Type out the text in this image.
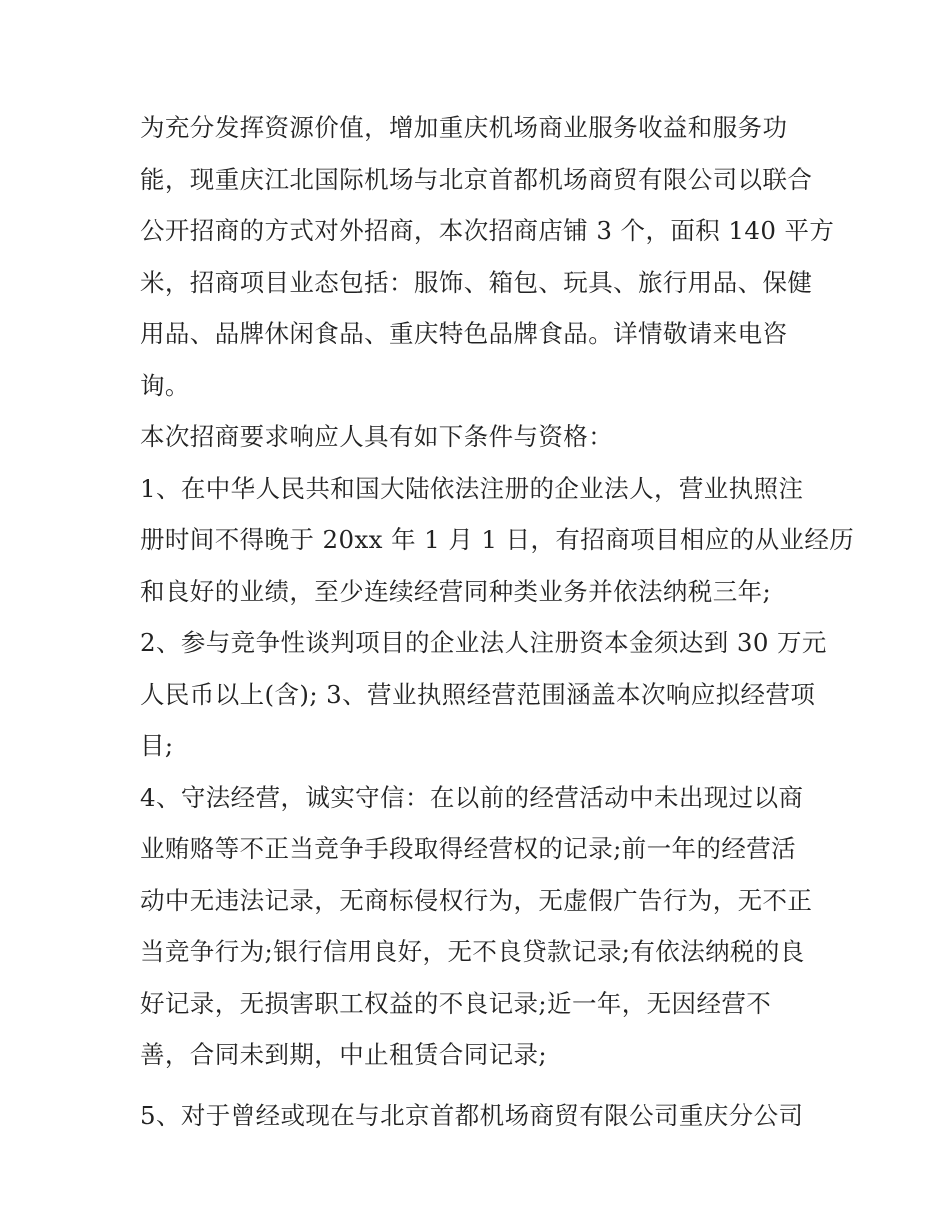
为充分发挥资源价值，增加重庆机场商业服务收益和服务功
能，现重庆江北国际机场与北京首都机场商贸有限公司以联合
公开招商的方式对外招商，本次招商店铺 3 个，面积 140 平方
米，招商项目业态包括：服饰、箱包、玩具、旅行用品、保健
用品、品牌休闲食品、重庆特色品牌食品。详情敬请来电咨
询。
本次招商要求响应人具有如下条件与资格：
1、在中华人民共和国大陆依法注册的企业法人，营业执照注
册时间不得晚于 20xx 年 1 月 1 日，有招商项目相应的从业经历
和良好的业绩，至少连续经营同种类业务并依法纳税三年;
2、参与竞争性谈判项目的企业法人注册资本金须达到 30 万元
人民币以上(含); 3、营业执照经营范围涵盖本次响应拟经营项
目;
4、守法经营，诚实守信：在以前的经营活动中未出现过以商
业贿赂等不正当竞争手段取得经营权的记录;前一年的经营活
动中无违法记录，无商标侵权行为，无虚假广告行为，无不正
当竞争行为;银行信用良好，无不良贷款记录;有依法纳税的良
好记录，无损害职工权益的不良记录;近一年，无因经营不
善，合同未到期，中止租赁合同记录;
5、对于曾经或现在与北京首都机场商贸有限公司重庆分公司
